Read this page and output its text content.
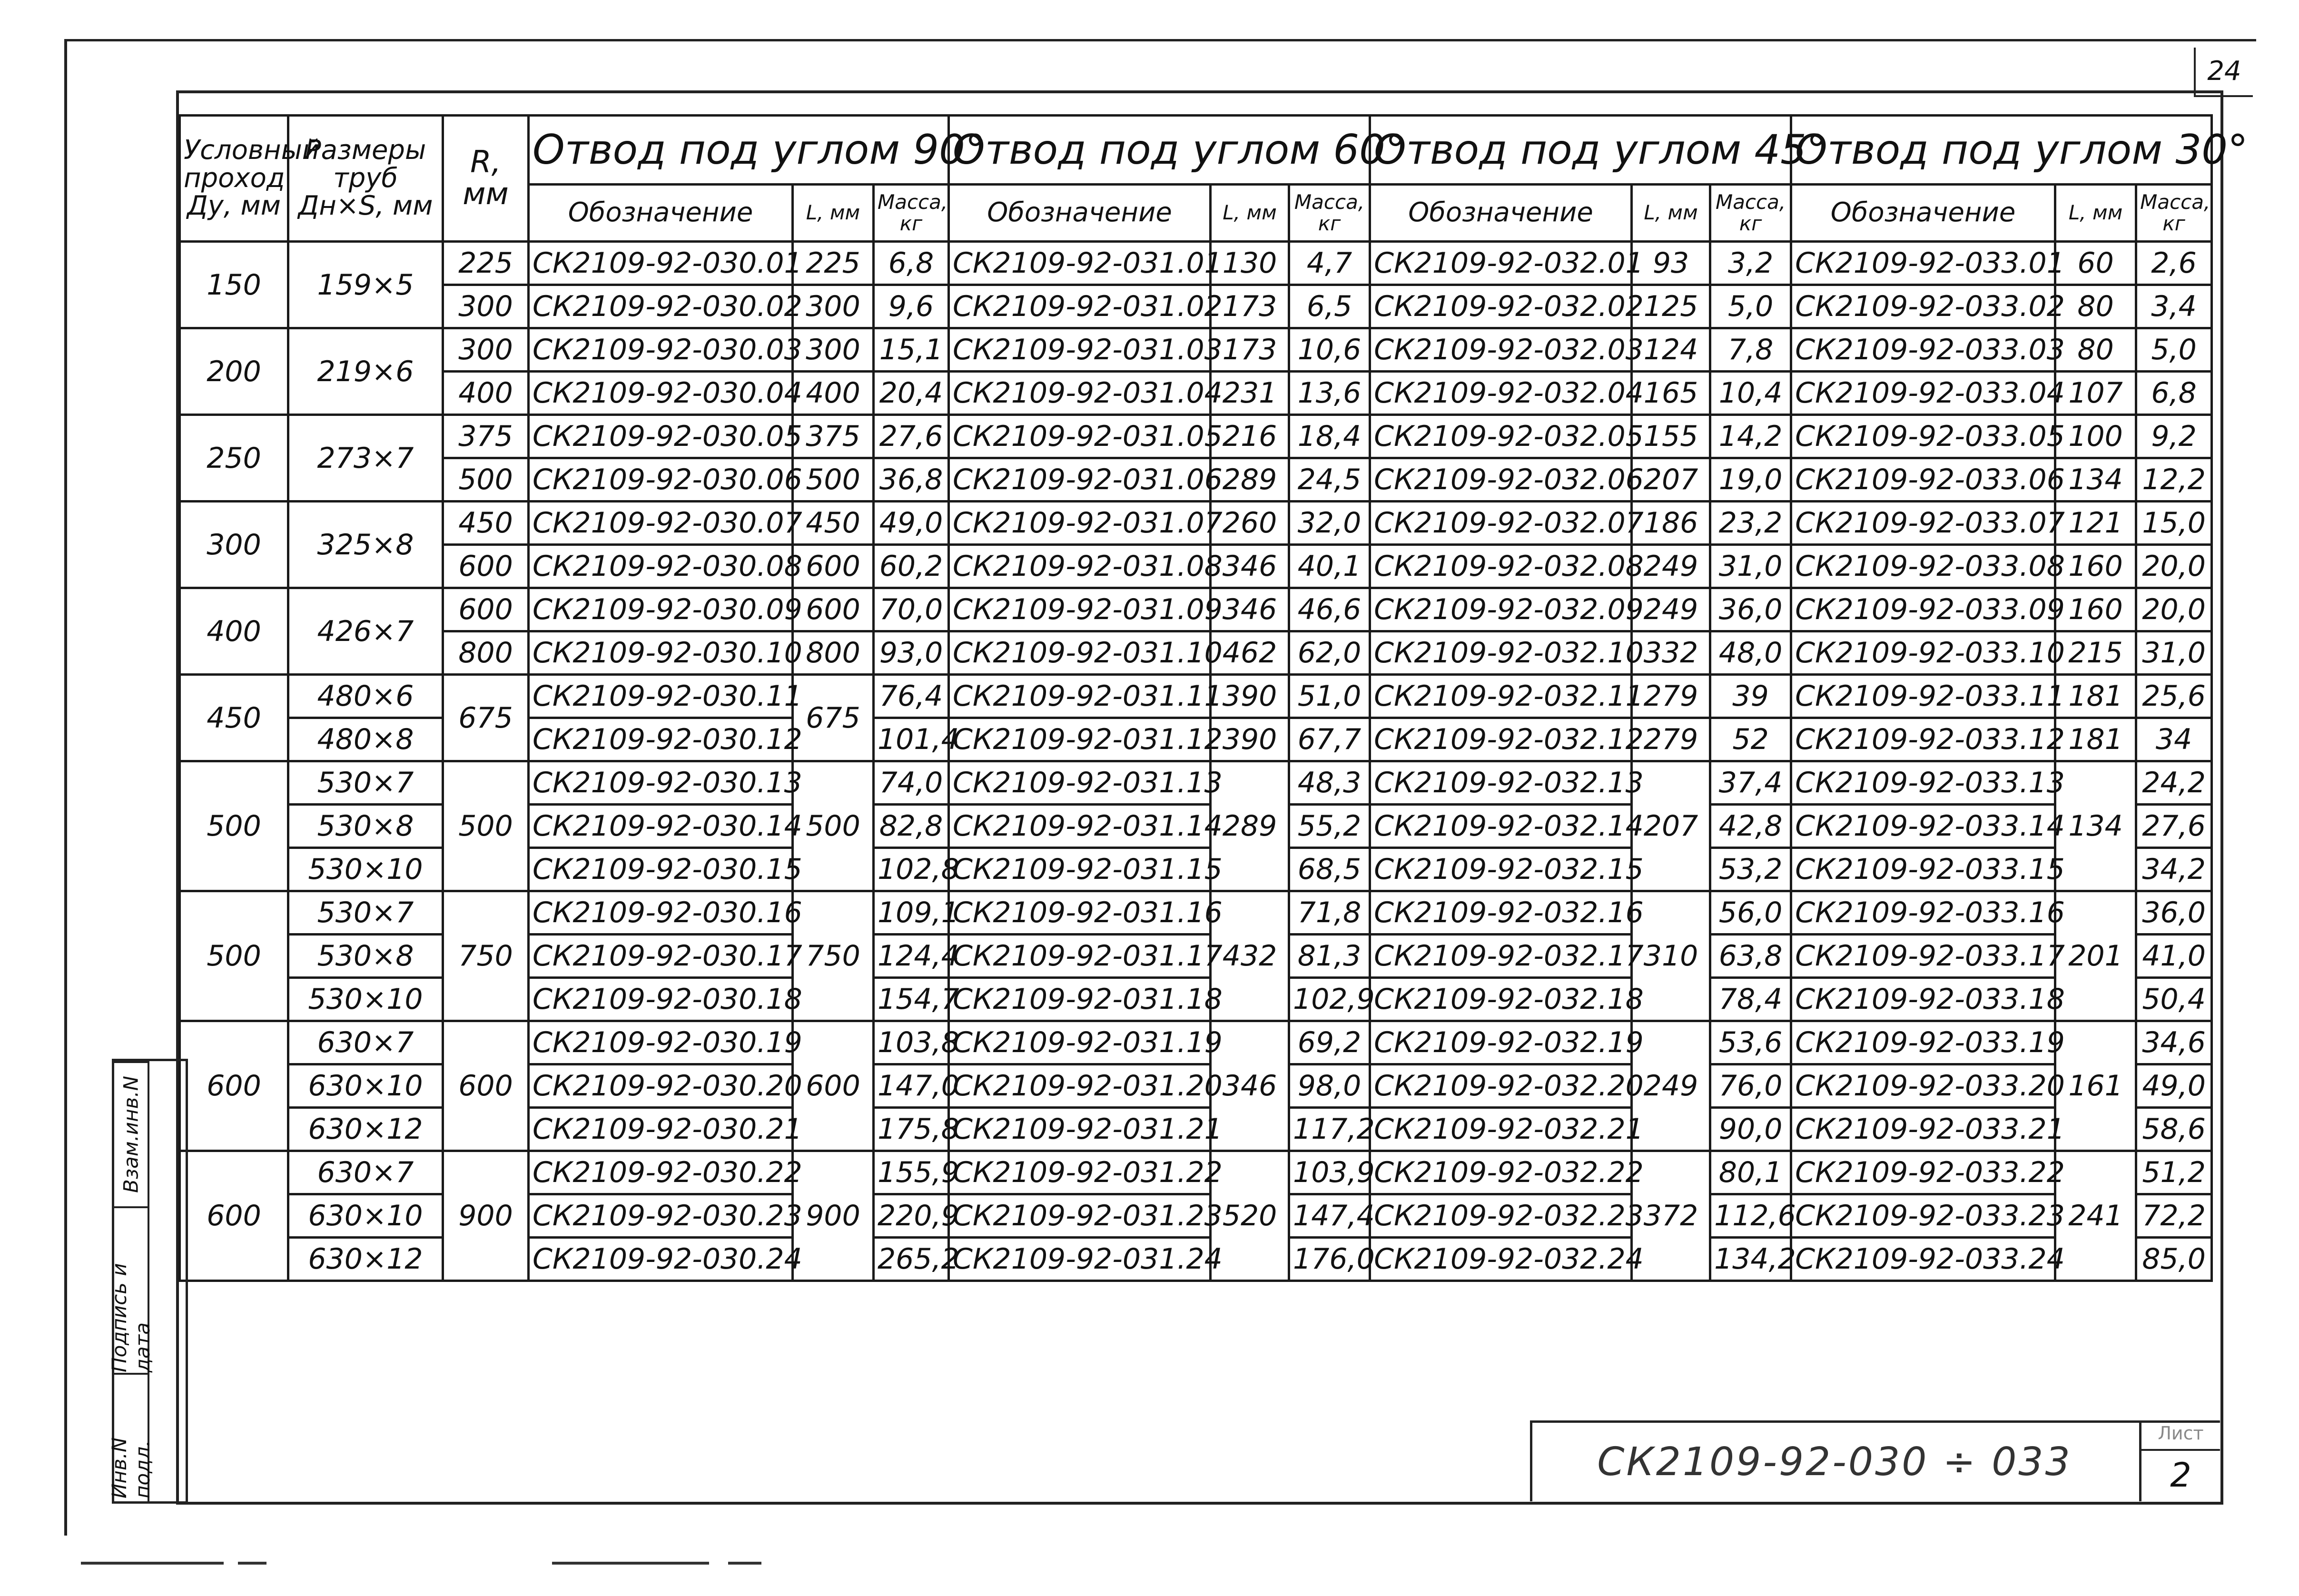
24
Условный проход Ду, мм	Размеры труб Дн×S, мм	R, мм	Отвод под углом 90°			Отвод под углом 60°			Отвод под углом 45°			Отвод под углом 30°		
			Обозначение	L, мм	Масса, кг	Обозначение	L, мм	Масса, кг	Обозначение	L, мм	Масса, кг	Обозначение	L, мм	Масса, кг
150	159×5	225	СК2109-92-030.01	225	6,8	СК2109-92-031.01	130	4,7	СК2109-92-032.01	93	3,2	СК2109-92-033.01	60	2,6
		300	СК2109-92-030.02	300	9,6	СК2109-92-031.02	173	6,5	СК2109-92-032.02	125	5,0	СК2109-92-033.02	80	3,4
200	219×6	300	СК2109-92-030.03	300	15,1	СК2109-92-031.03	173	10,6	СК2109-92-032.03	124	7,8	СК2109-92-033.03	80	5,0
		400	СК2109-92-030.04	400	20,4	СК2109-92-031.04	231	13,6	СК2109-92-032.04	165	10,4	СК2109-92-033.04	107	6,8
250	273×7	375	СК2109-92-030.05	375	27,6	СК2109-92-031.05	216	18,4	СК2109-92-032.05	155	14,2	СК2109-92-033.05	100	9,2
		500	СК2109-92-030.06	500	36,8	СК2109-92-031.06	289	24,5	СК2109-92-032.06	207	19,0	СК2109-92-033.06	134	12,2
300	325×8	450	СК2109-92-030.07	450	49,0	СК2109-92-031.07	260	32,0	СК2109-92-032.07	186	23,2	СК2109-92-033.07	121	15,0
		600	СК2109-92-030.08	600	60,2	СК2109-92-031.08	346	40,1	СК2109-92-032.08	249	31,0	СК2109-92-033.08	160	20,0
400	426×7	600	СК2109-92-030.09	600	70,0	СК2109-92-031.09	346	46,6	СК2109-92-032.09	249	36,0	СК2109-92-033.09	160	20,0
		800	СК2109-92-030.10	800	93,0	СК2109-92-031.10	462	62,0	СК2109-92-032.10	332	48,0	СК2109-92-033.10	215	31,0
450	480×6	675	СК2109-92-030.11	675	76,4	СК2109-92-031.11	390	51,0	СК2109-92-032.11	279	39	СК2109-92-033.11	181	25,6
	480×8		СК2109-92-030.12		101,4	СК2109-92-031.12	390	67,7	СК2109-92-032.12	279	52	СК2109-92-033.12	181	34
500	530×7	500	СК2109-92-030.13	500	74,0	СК2109-92-031.13	289	48,3	СК2109-92-032.13	207	37,4	СК2109-92-033.13	134	24,2
	530×8		СК2109-92-030.14		82,8	СК2109-92-031.14		55,2	СК2109-92-032.14		42,8	СК2109-92-033.14		27,6
	530×10		СК2109-92-030.15		102,8	СК2109-92-031.15		68,5	СК2109-92-032.15		53,2	СК2109-92-033.15		34,2
500	530×7	750	СК2109-92-030.16	750	109,1	СК2109-92-031.16	432	71,8	СК2109-92-032.16	310	56,0	СК2109-92-033.16	201	36,0
	530×8		СК2109-92-030.17		124,4	СК2109-92-031.17		81,3	СК2109-92-032.17		63,8	СК2109-92-033.17		41,0
	530×10		СК2109-92-030.18		154,7	СК2109-92-031.18		102,9	СК2109-92-032.18		78,4	СК2109-92-033.18		50,4
600	630×7	600	СК2109-92-030.19	600	103,8	СК2109-92-031.19	346	69,2	СК2109-92-032.19	249	53,6	СК2109-92-033.19	161	34,6
	630×10		СК2109-92-030.20		147,0	СК2109-92-031.20		98,0	СК2109-92-032.20		76,0	СК2109-92-033.20		49,0
	630×12		СК2109-92-030.21		175,8	СК2109-92-031.21		117,2	СК2109-92-032.21		90,0	СК2109-92-033.21		58,6
600	630×7	900	СК2109-92-030.22	900	155,9	СК2109-92-031.22	520	103,9	СК2109-92-032.22	372	80,1	СК2109-92-033.22	241	51,2
	630×10		СК2109-92-030.23		220,9	СК2109-92-031.23		147,4	СК2109-92-032.23		112,6	СК2109-92-033.23		72,2
	630×12		СК2109-92-030.24		265,2	СК2109-92-031.24		176,0	СК2109-92-032.24		134,2	СК2109-92-033.24		85,0
Взам.инв.N
Подпись и дата
Инв.N подл.	СК2109-92-030 ÷ 033
Лист
2
